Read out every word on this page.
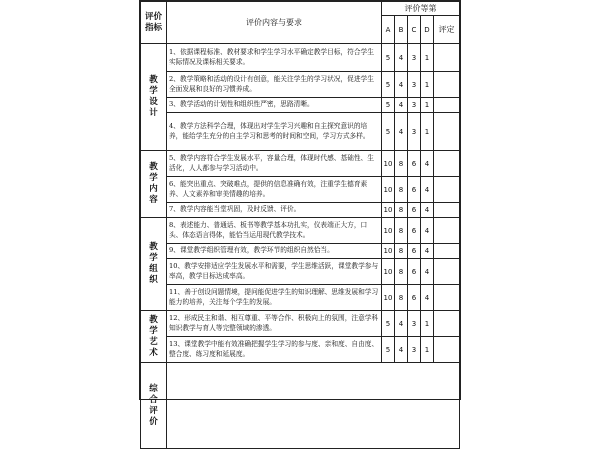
评价指标	评价内容与要求	评价等第				
		A	B	C	D	评定

教
学
设
计	1、依据课程标准、教材要求和学生学习水平确定教学目标，符合学生实际情况及课标相关要求。	5	4	3	1	
	2、教学策略和活动的设计有创意，能关注学生的学习状况，促进学生全面发展和良好的习惯养成。	5	4	3	1	
	3、教学活动的计划性和组织性严密，思路清晰。	5	4	3	1	
	4、教学方法科学合理，体现出对学生学习兴趣和自主探究意识的培养，能给学生充分的自主学习和思考的时间和空间，学习方式多样。	5	4	3	1	

教
学
内
容	5、教学内容符合学生发展水平，容量合理，体现时代感、基础性、生活化，人人都参与学习活动中。	10	8	6	4	
	6、能突出重点、突破难点，提供的信息准确有效，注重学生德育素养、人文素养和审美情趣的培养。	10	8	6	4	
	7、教学内容能当堂巩固，及时反馈、评价。	10	8	6	4	

教
学
组
织	8、表述能力、普通话、板书等教学基本功扎实，仪表端正大方，口头、体态语言得体，能恰当运用现代教学技术。	10	8	6	4	
	9、课堂教学组织管理有效，教学环节的组织自然恰当。	10	8	6	4	
	10、教学安排适应学生发展水平和需要，学生思维活跃，课堂教学参与率高，教学目标达成率高。	10	8	6	4	
	11、善于创设问题情境，提问能促进学生的知识理解、思维发展和学习能力的培养，关注每个学生的发展。	10	8	6	4	

教
学
艺
术	12、形成民主和谐、相互尊重、平等合作、积极向上的氛围，注意学科知识教学与育人等完整领域的渗透。	5	4	3	1	
	13、课堂教学中能有效准确把握学生学习的参与度、亲和度、自由度、整合度、练习度和延展度。	5	4	3	1	

综
合
评
价						
